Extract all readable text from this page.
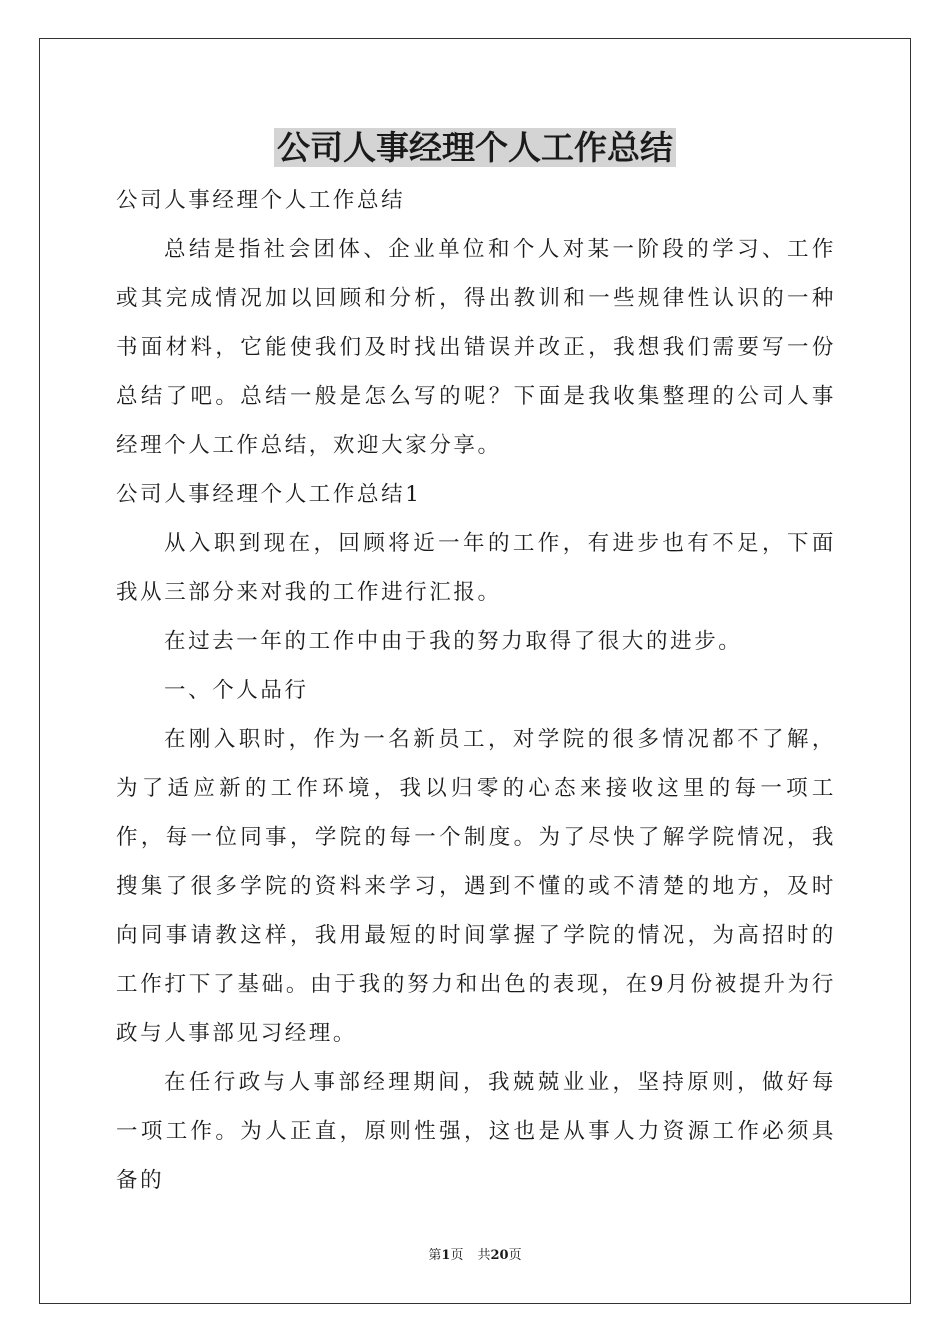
公司人事经理个人工作总结

公司人事经理个人工作总结

总结是指社会团体、企业单位和个人对某一阶段的学习、工作或其完成情况加以回顾和分析，得出教训和一些规律性认识的一种书面材料，它能使我们及时找出错误并改正，我想我们需要写一份总结了吧。总结一般是怎么写的呢？下面是我收集整理的公司人事经理个人工作总结，欢迎大家分享。

公司人事经理个人工作总结1

从入职到现在，回顾将近一年的工作，有进步也有不足，下面我从三部分来对我的工作进行汇报。

在过去一年的工作中由于我的努力取得了很大的进步。

一、个人品行

在刚入职时，作为一名新员工，对学院的很多情况都不了解，为了适应新的工作环境，我以归零的心态来接收这里的每一项工作，每一位同事，学院的每一个制度。为了尽快了解学院情况，我搜集了很多学院的资料来学习，遇到不懂的或不清楚的地方，及时向同事请教这样，我用最短的时间掌握了学院的情况，为高招时的工作打下了基础。由于我的努力和出色的表现，在9月份被提升为行政与人事部见习经理。

在任行政与人事部经理期间，我兢兢业业，坚持原则，做好每一项工作。为人正直，原则性强，这也是从事人力资源工作必须具备的

第1页 共20页
